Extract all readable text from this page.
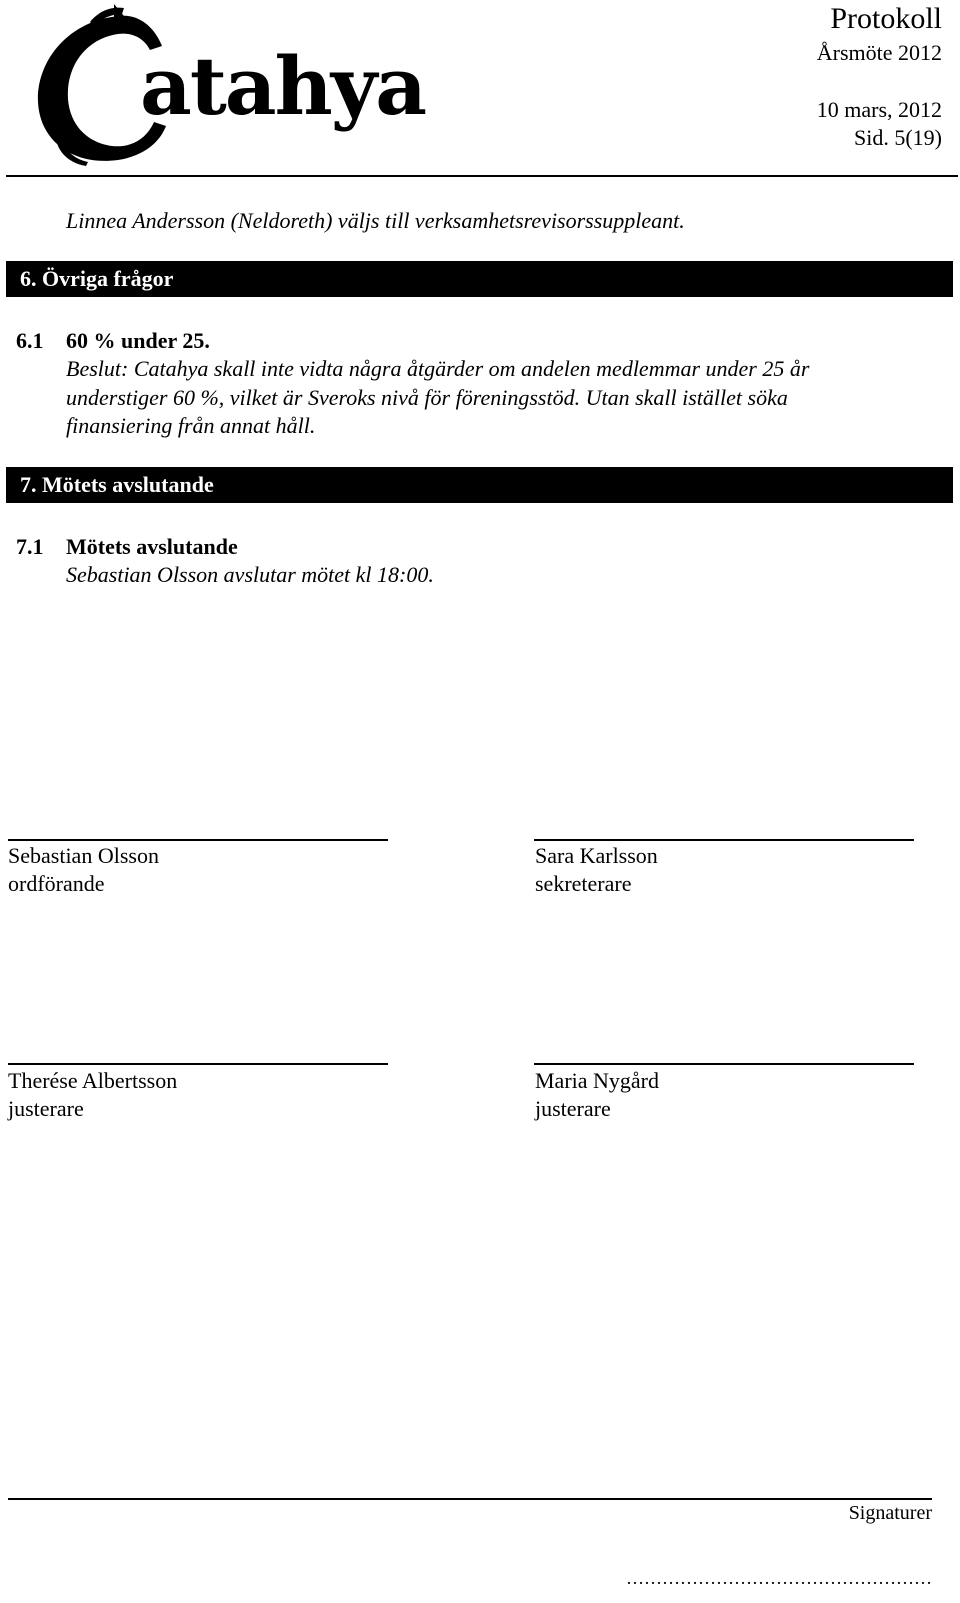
atahya
Protokoll
Årsmöte 2012
10 mars, 2012
Sid. 5(19)
Linnea Andersson (Neldoreth) väljs till verksamhetsrevisorssuppleant.
6. Övriga frågor
6.1 60 % under 25.
Beslut: Catahya skall inte vidta några åtgärder om andelen medlemmar under 25 år
understiger 60 %, vilket är Sveroks nivå för föreningsstöd. Utan skall istället söka
finansiering från annat håll.
7. Mötets avslutande
7.1 Mötets avslutande
Sebastian Olsson avslutar mötet kl 18:00.
Sebastian Olsson
ordförande
Sara Karlsson
sekreterare
Therése Albertsson
justerare
Maria Nygård
justerare
Signaturer
……………………………………………
